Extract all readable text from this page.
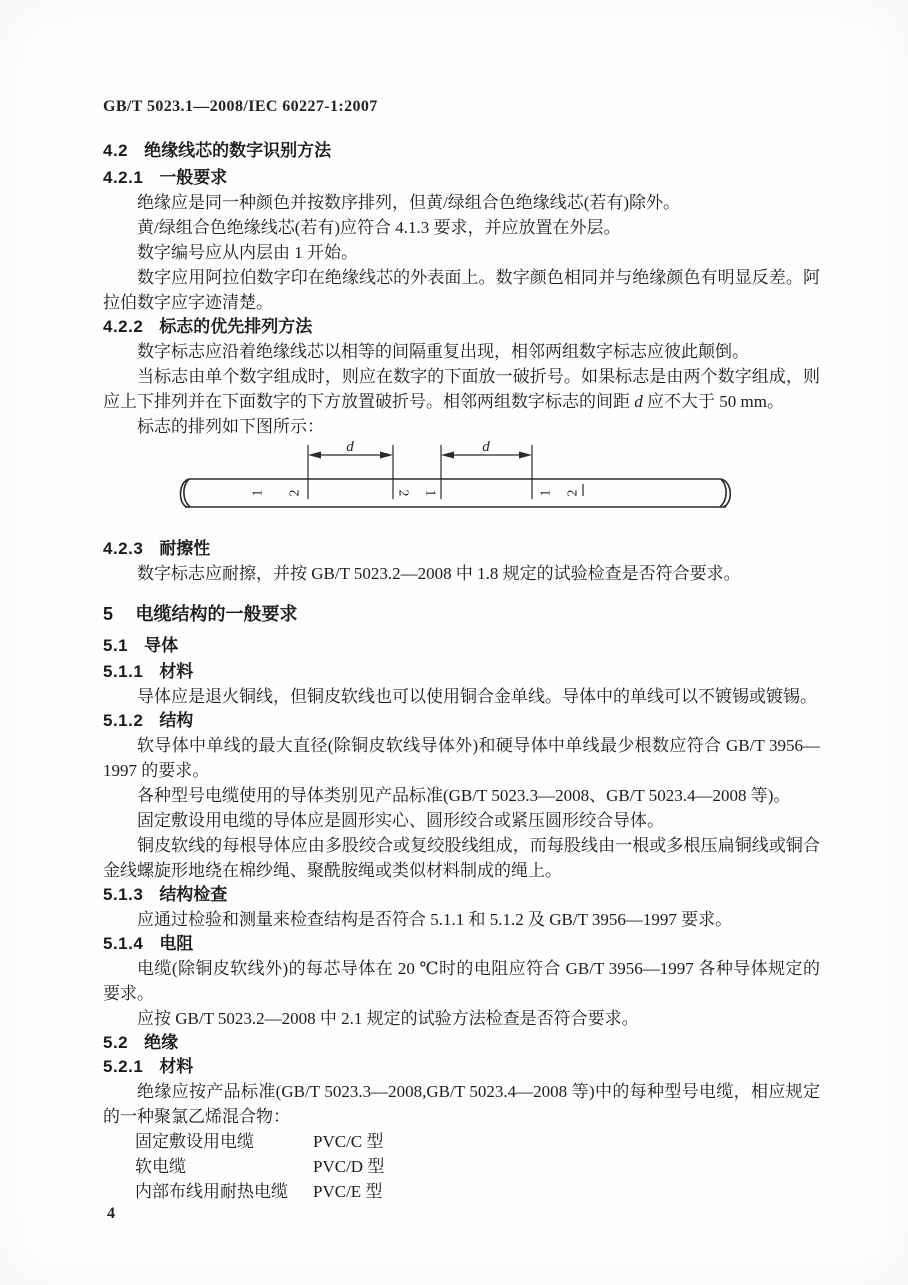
GB/T 5023.1—2008/IEC 60227-1:2007
4.2 绝缘线芯的数字识别方法
4.2.1 一般要求

绝缘应是同一种颜色并按数序排列，但黄/绿组合色绝缘线芯(若有)除外。

黄/绿组合色绝缘线芯(若有)应符合 4.1.3 要求，并应放置在外层。

数字编号应从内层由 1 开始。

数字应用阿拉伯数字印在绝缘线芯的外表面上。数字颜色相同并与绝缘颜色有明显反差。阿拉伯数字应字迹清楚。

4.2.2 标志的优先排列方法

数字标志应沿着绝缘线芯以相等的间隔重复出现，相邻两组数字标志应彼此颠倒。

当标志由单个数字组成时，则应在数字的下面放一破折号。如果标志是由两个数字组成，则应上下排列并在下面数字的下方放置破折号。相邻两组数字标志的间距 d 应不大于 50 mm。

标志的排列如下图所示：

d	d
1 2	2 1	1 2
4.2.3 耐擦性

数字标志应耐擦，并按 GB/T 5023.2—2008 中 1.8 规定的试验检查是否符合要求。

5 电缆结构的一般要求
5.1 导体
5.1.1 材料

导体应是退火铜线，但铜皮软线也可以使用铜合金单线。导体中的单线可以不镀锡或镀锡。

5.1.2 结构

软导体中单线的最大直径(除铜皮软线导体外)和硬导体中单线最少根数应符合 GB/T 3956—1997 的要求。

各种型号电缆使用的导体类别见产品标准(GB/T 5023.3—2008、GB/T 5023.4—2008 等)。

固定敷设用电缆的导体应是圆形实心、圆形绞合或紧压圆形绞合导体。

铜皮软线的每根导体应由多股绞合或复绞股线组成，而每股线由一根或多根压扁铜线或铜合金线螺旋形地绕在棉纱绳、聚酰胺绳或类似材料制成的绳上。

5.1.3 结构检查

应通过检验和测量来检查结构是否符合 5.1.1 和 5.1.2 及 GB/T 3956—1997 要求。

5.1.4 电阻

电缆(除铜皮软线外)的每芯导体在 20 ℃时的电阻应符合 GB/T 3956—1997 各种导体规定的要求。

应按 GB/T 5023.2—2008 中 2.1 规定的试验方法检查是否符合要求。

5.2 绝缘
5.2.1 材料

绝缘应按产品标准(GB/T 5023.3—2008,GB/T 5023.4—2008 等)中的每种型号电缆，相应规定的一种聚氯乙烯混合物：

固定敷设用电缆	PVC/C 型
软电缆	PVC/D 型
内部布线用耐热电缆	PVC/E 型
4
